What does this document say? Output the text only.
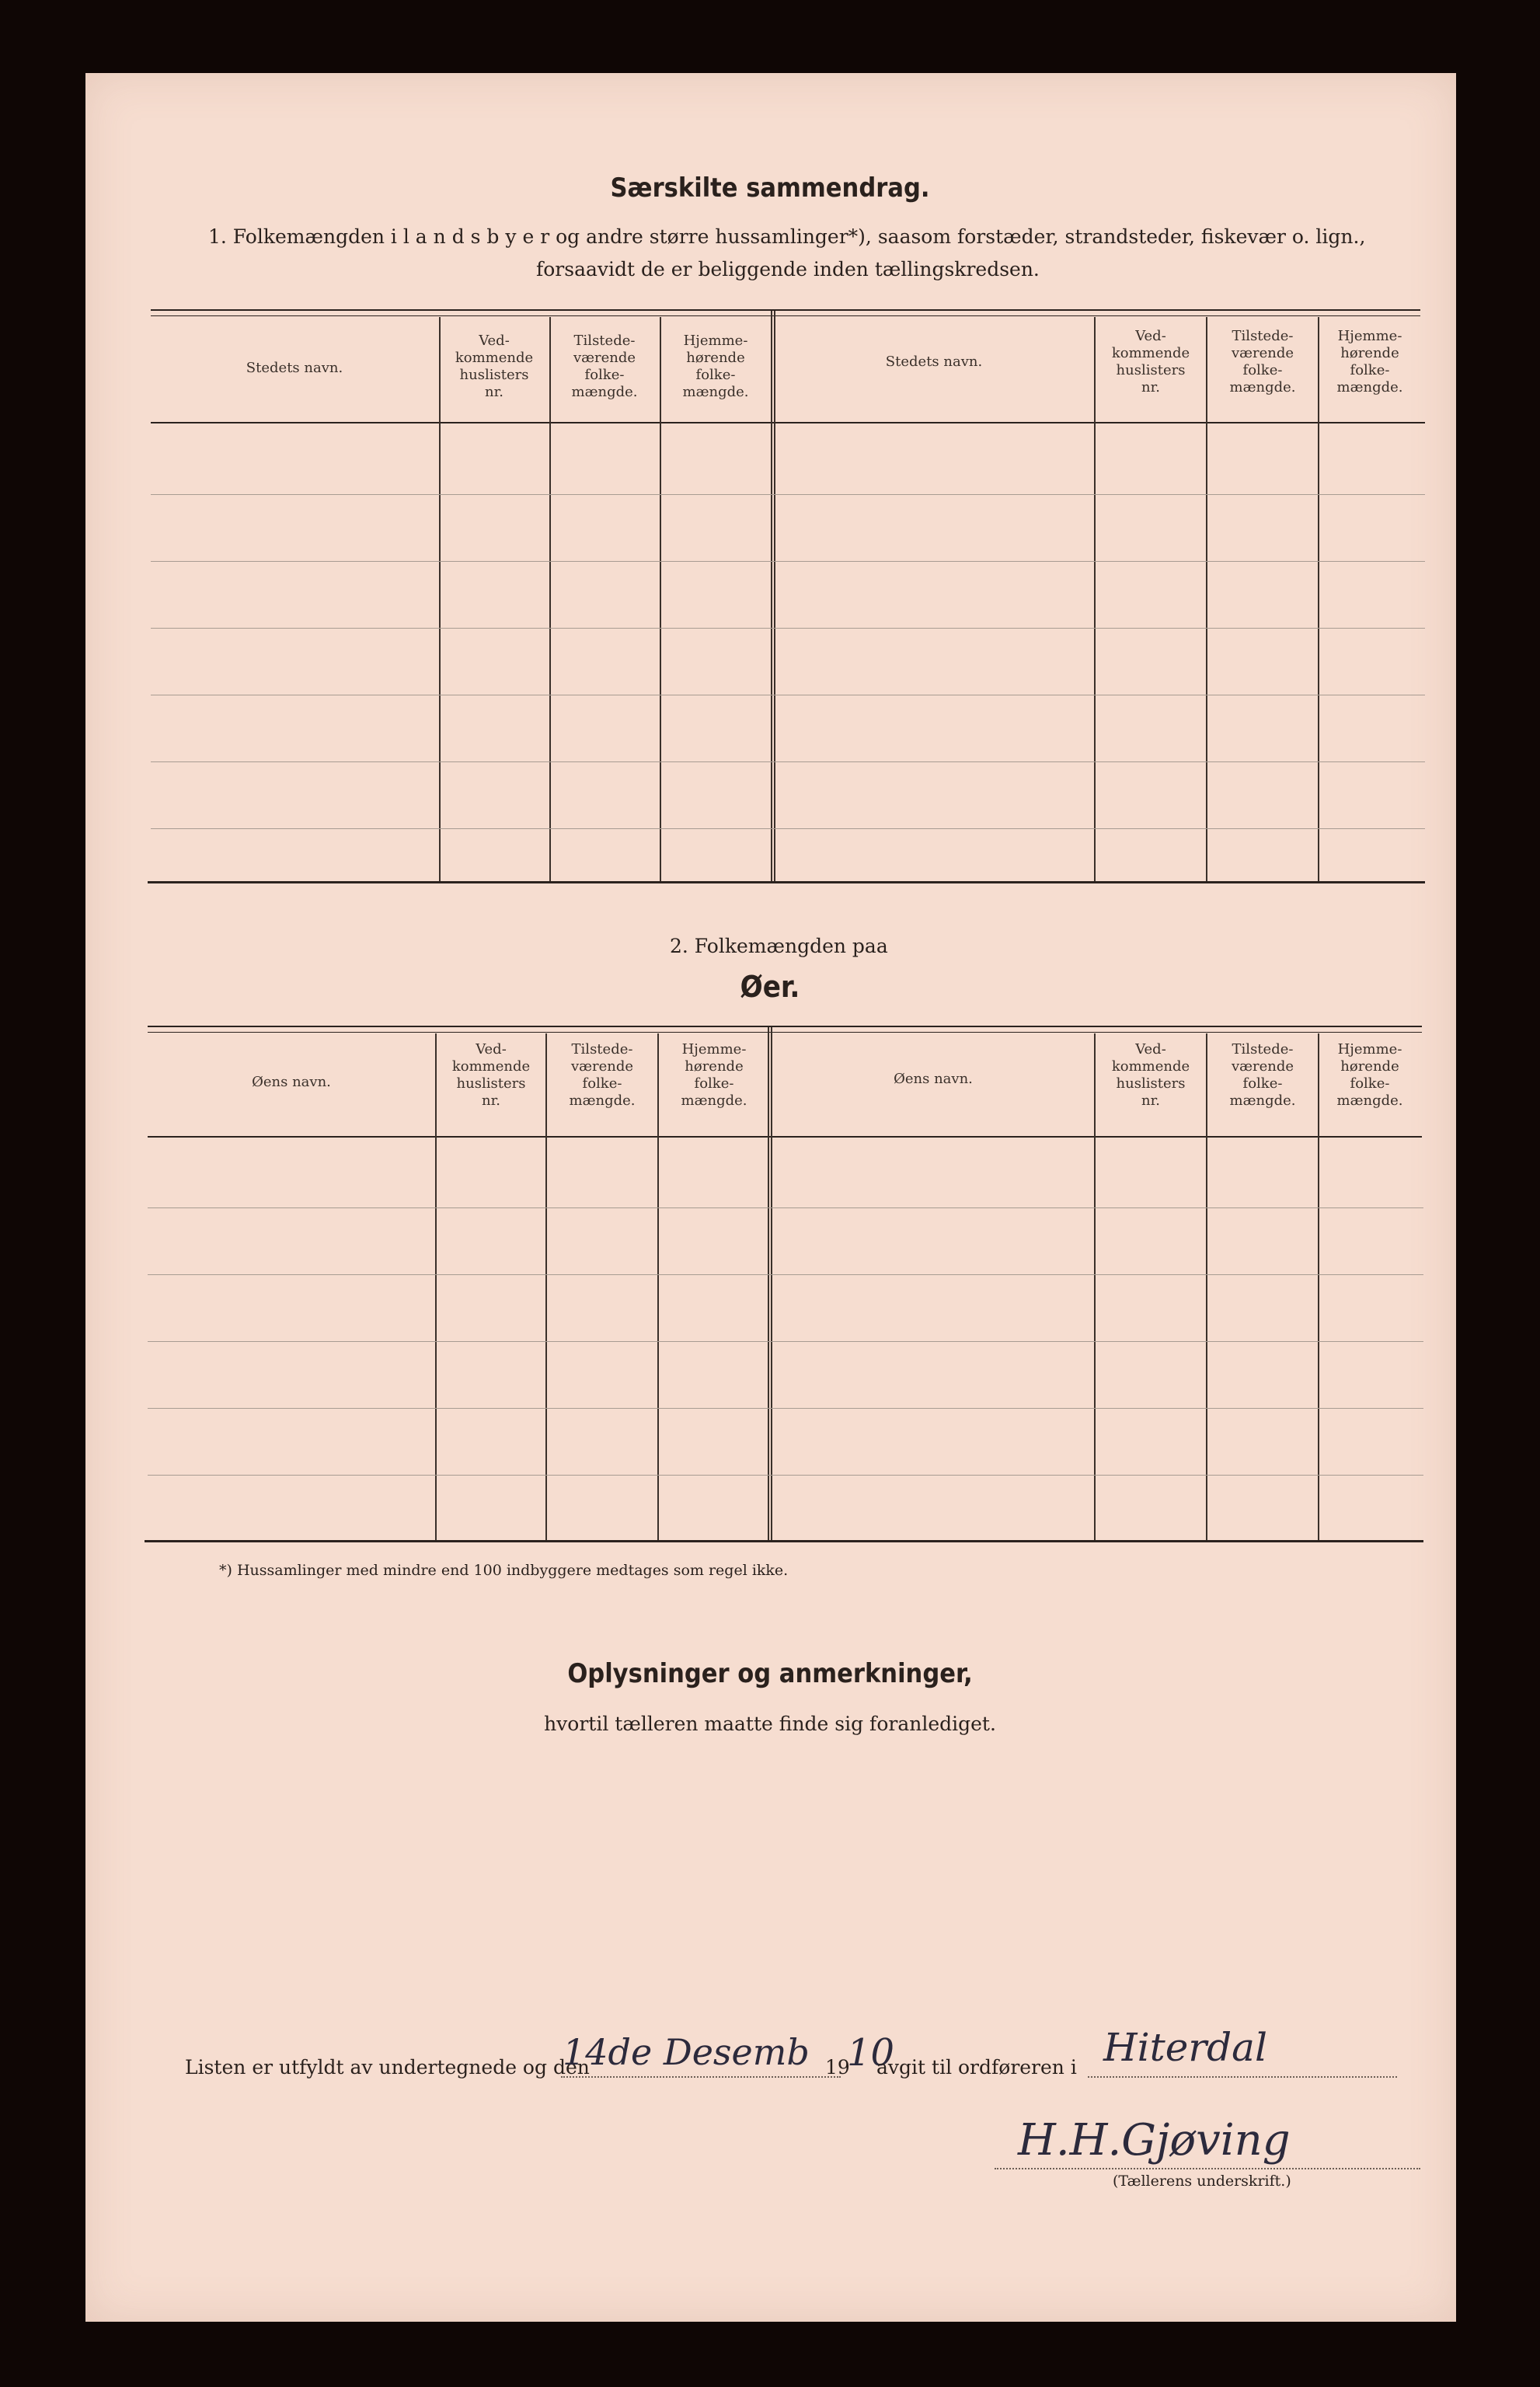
Særskilte sammendrag.
1. Folkemængden i l a n d s b y e r og andre større hussamlinger*), saasom forstæder, strandsteder, fiskevær o. lign.,
forsaavidt de er beliggende inden tællingskredsen.
Stedets navn.
Ved-
kommende
huslisters
nr.
Tilstede-
værende
folke-
mængde.
Hjemme-
hørende
folke-
mængde.
Stedets navn.
Ved-
kommende
huslisters
nr.
Tilstede-
værende
folke-
mængde.
Hjemme-
hørende
folke-
mængde.
2. Folkemængden paa
Øer.
Øens navn.
Ved-
kommende
huslisters
nr.
Tilstede-
værende
folke-
mængde.
Hjemme-
hørende
folke-
mængde.
Øens navn.
Ved-
kommende
huslisters
nr.
Tilstede-
værende
folke-
mængde.
Hjemme-
hørende
folke-
mængde.
*) Hussamlinger med mindre end 100 indbyggere medtages som regel ikke.
Oplysninger og anmerkninger,
hvortil tælleren maatte finde sig foranlediget.
Listen er utfyldt av undertegnede og den
14de Desemb 19
10
avgit til ordføreren i Hiterdal
H.H.Gjøving
(Tællerens underskrift.)
